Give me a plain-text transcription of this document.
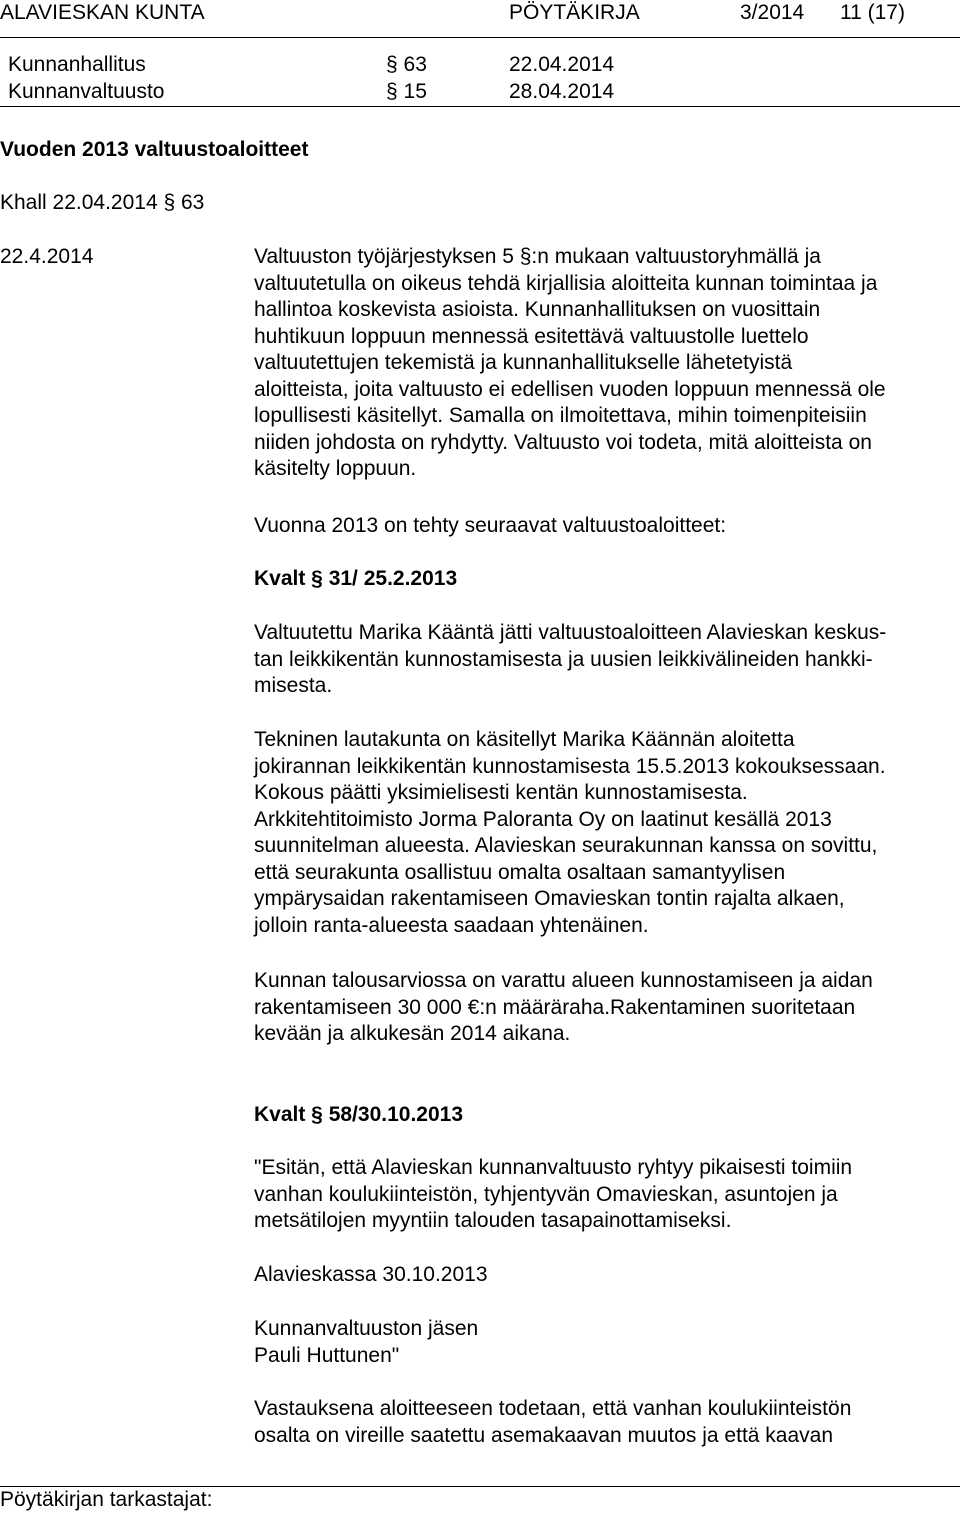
ALAVIESKAN KUNTA	PÖYTÄKIRJA	3/2014 11 (17)
Kunnanhallitus	§ 63	22.04.2014
Kunnanvaltuusto	§ 15	28.04.2014
Vuoden 2013 valtuustoaloitteet
Khall 22.04.2014 § 63
22.4.2014	Valtuuston työjärjestyksen 5 §:n mukaan valtuustoryhmällä ja

valtuutetulla on oikeus tehdä kirjallisia aloitteita kunnan toimintaa ja

hallintoa koskevista asioista. Kunnanhallituksen on vuosittain

huhtikuun loppuun mennessä esitettävä valtuustolle luettelo

valtuutettujen tekemistä ja kunnanhallitukselle lähetetyistä

aloitteista, joita valtuusto ei edellisen vuoden loppuun mennessä ole

lopullisesti käsitellyt. Samalla on ilmoitettava, mihin toimenpiteisiin

niiden johdosta on ryhdytty. Valtuusto voi todeta, mitä aloitteista on

käsitelty loppuun.

Vuonna 2013 on tehty seuraavat valtuustoaloitteet:

Kvalt § 31/ 25.2.2013

Valtuutettu Marika Kääntä jätti valtuustoaloitteen Alavieskan keskus-

tan leikkikentän kunnostamisesta ja uusien leikkivälineiden hankki-

misesta.

Tekninen lautakunta on käsitellyt Marika Käännän aloitetta

jokirannan leikkikentän kunnostamisesta 15.5.2013 kokouksessaan.

Kokous päätti yksimielisesti kentän kunnostamisesta.

Arkkitehtitoimisto Jorma Paloranta Oy on laatinut kesällä 2013

suunnitelman alueesta. Alavieskan seurakunnan kanssa on sovittu,

että seurakunta osallistuu omalta osaltaan samantyylisen

ympärysaidan rakentamiseen Omavieskan tontin rajalta alkaen,

jolloin ranta-alueesta saadaan yhtenäinen.

Kunnan talousarviossa on varattu alueen kunnostamiseen ja aidan

rakentamiseen 30 000 €:n määräraha.Rakentaminen suoritetaan

kevään ja alkukesän 2014 aikana.

Kvalt § 58/30.10.2013

"Esitän, että Alavieskan kunnanvaltuusto ryhtyy pikaisesti toimiin

vanhan koulukiinteistön, tyhjentyvän Omavieskan, asuntojen ja

metsätilojen myyntiin talouden tasapainottamiseksi.

Alavieskassa 30.10.2013

Kunnanvaltuuston jäsen

Pauli Huttunen"

Vastauksena aloitteeseen todetaan, että vanhan koulukiinteistön

osalta on vireille saatettu asemakaavan muutos ja että kaavan

Pöytäkirjan tarkastajat:
